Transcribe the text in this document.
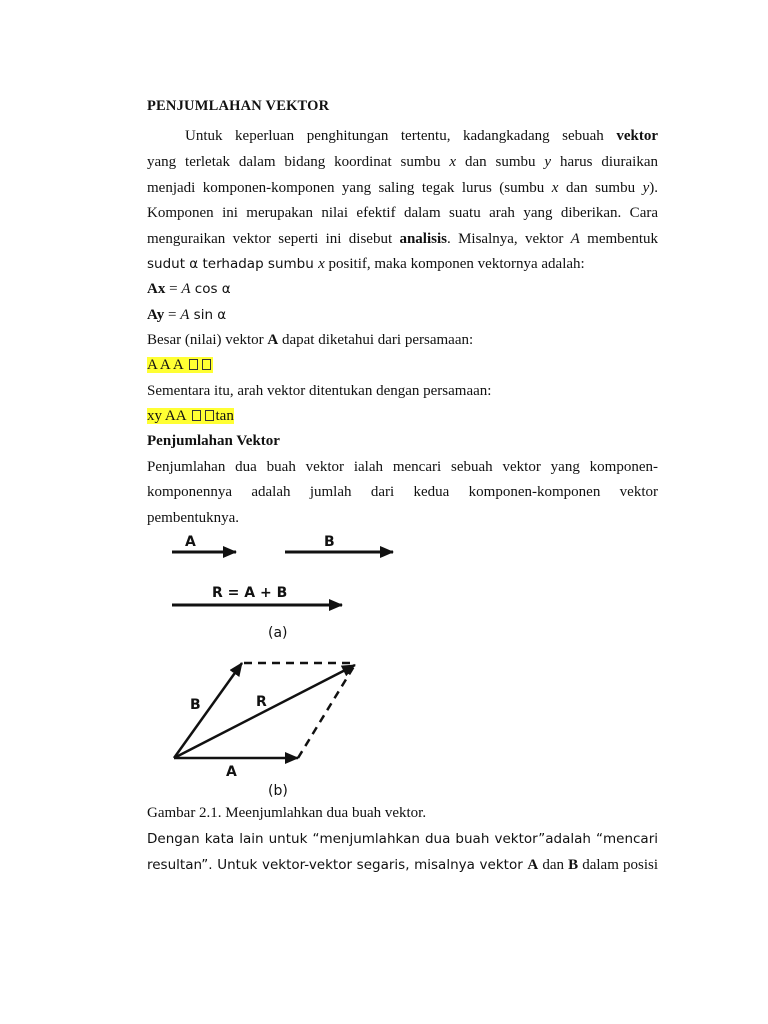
PENJUMLAHAN VEKTOR
Untuk keperluan penghitungan tertentu, kadangkadang sebuah vektor
yang terletak dalam bidang koordinat sumbu x dan sumbu y harus diuraikan
menjadi komponen-komponen yang saling tegak lurus (sumbu x dan sumbu y).
Komponen ini merupakan nilai efektif dalam suatu arah yang diberikan. Cara
menguraikan vektor seperti ini disebut analisis. Misalnya, vektor A membentuk
sudut α terhadap sumbu x positif, maka komponen vektornya adalah:
Ax = A cos α
Ay = A sin α
Besar (nilai) vektor A dapat diketahui dari persamaan:
A A A
Sementara itu, arah vektor ditentukan dengan persamaan:
xy AA tan
Penjumlahan Vektor
Penjumlahan dua buah vektor ialah mencari sebuah vektor yang komponen-
komponennya adalah jumlah dari kedua komponen-komponen vektor
pembentuknya.
Gambar 2.1. Meenjumlahkan dua buah vektor.
Dengan kata lain untuk “menjumlahkan dua buah vektor”adalah “mencari
resultan”. Untuk vektor-vektor segaris, misalnya vektor A dan B dalam posisi
A	B
R = A + B
(a)
B	R
A
(b)
